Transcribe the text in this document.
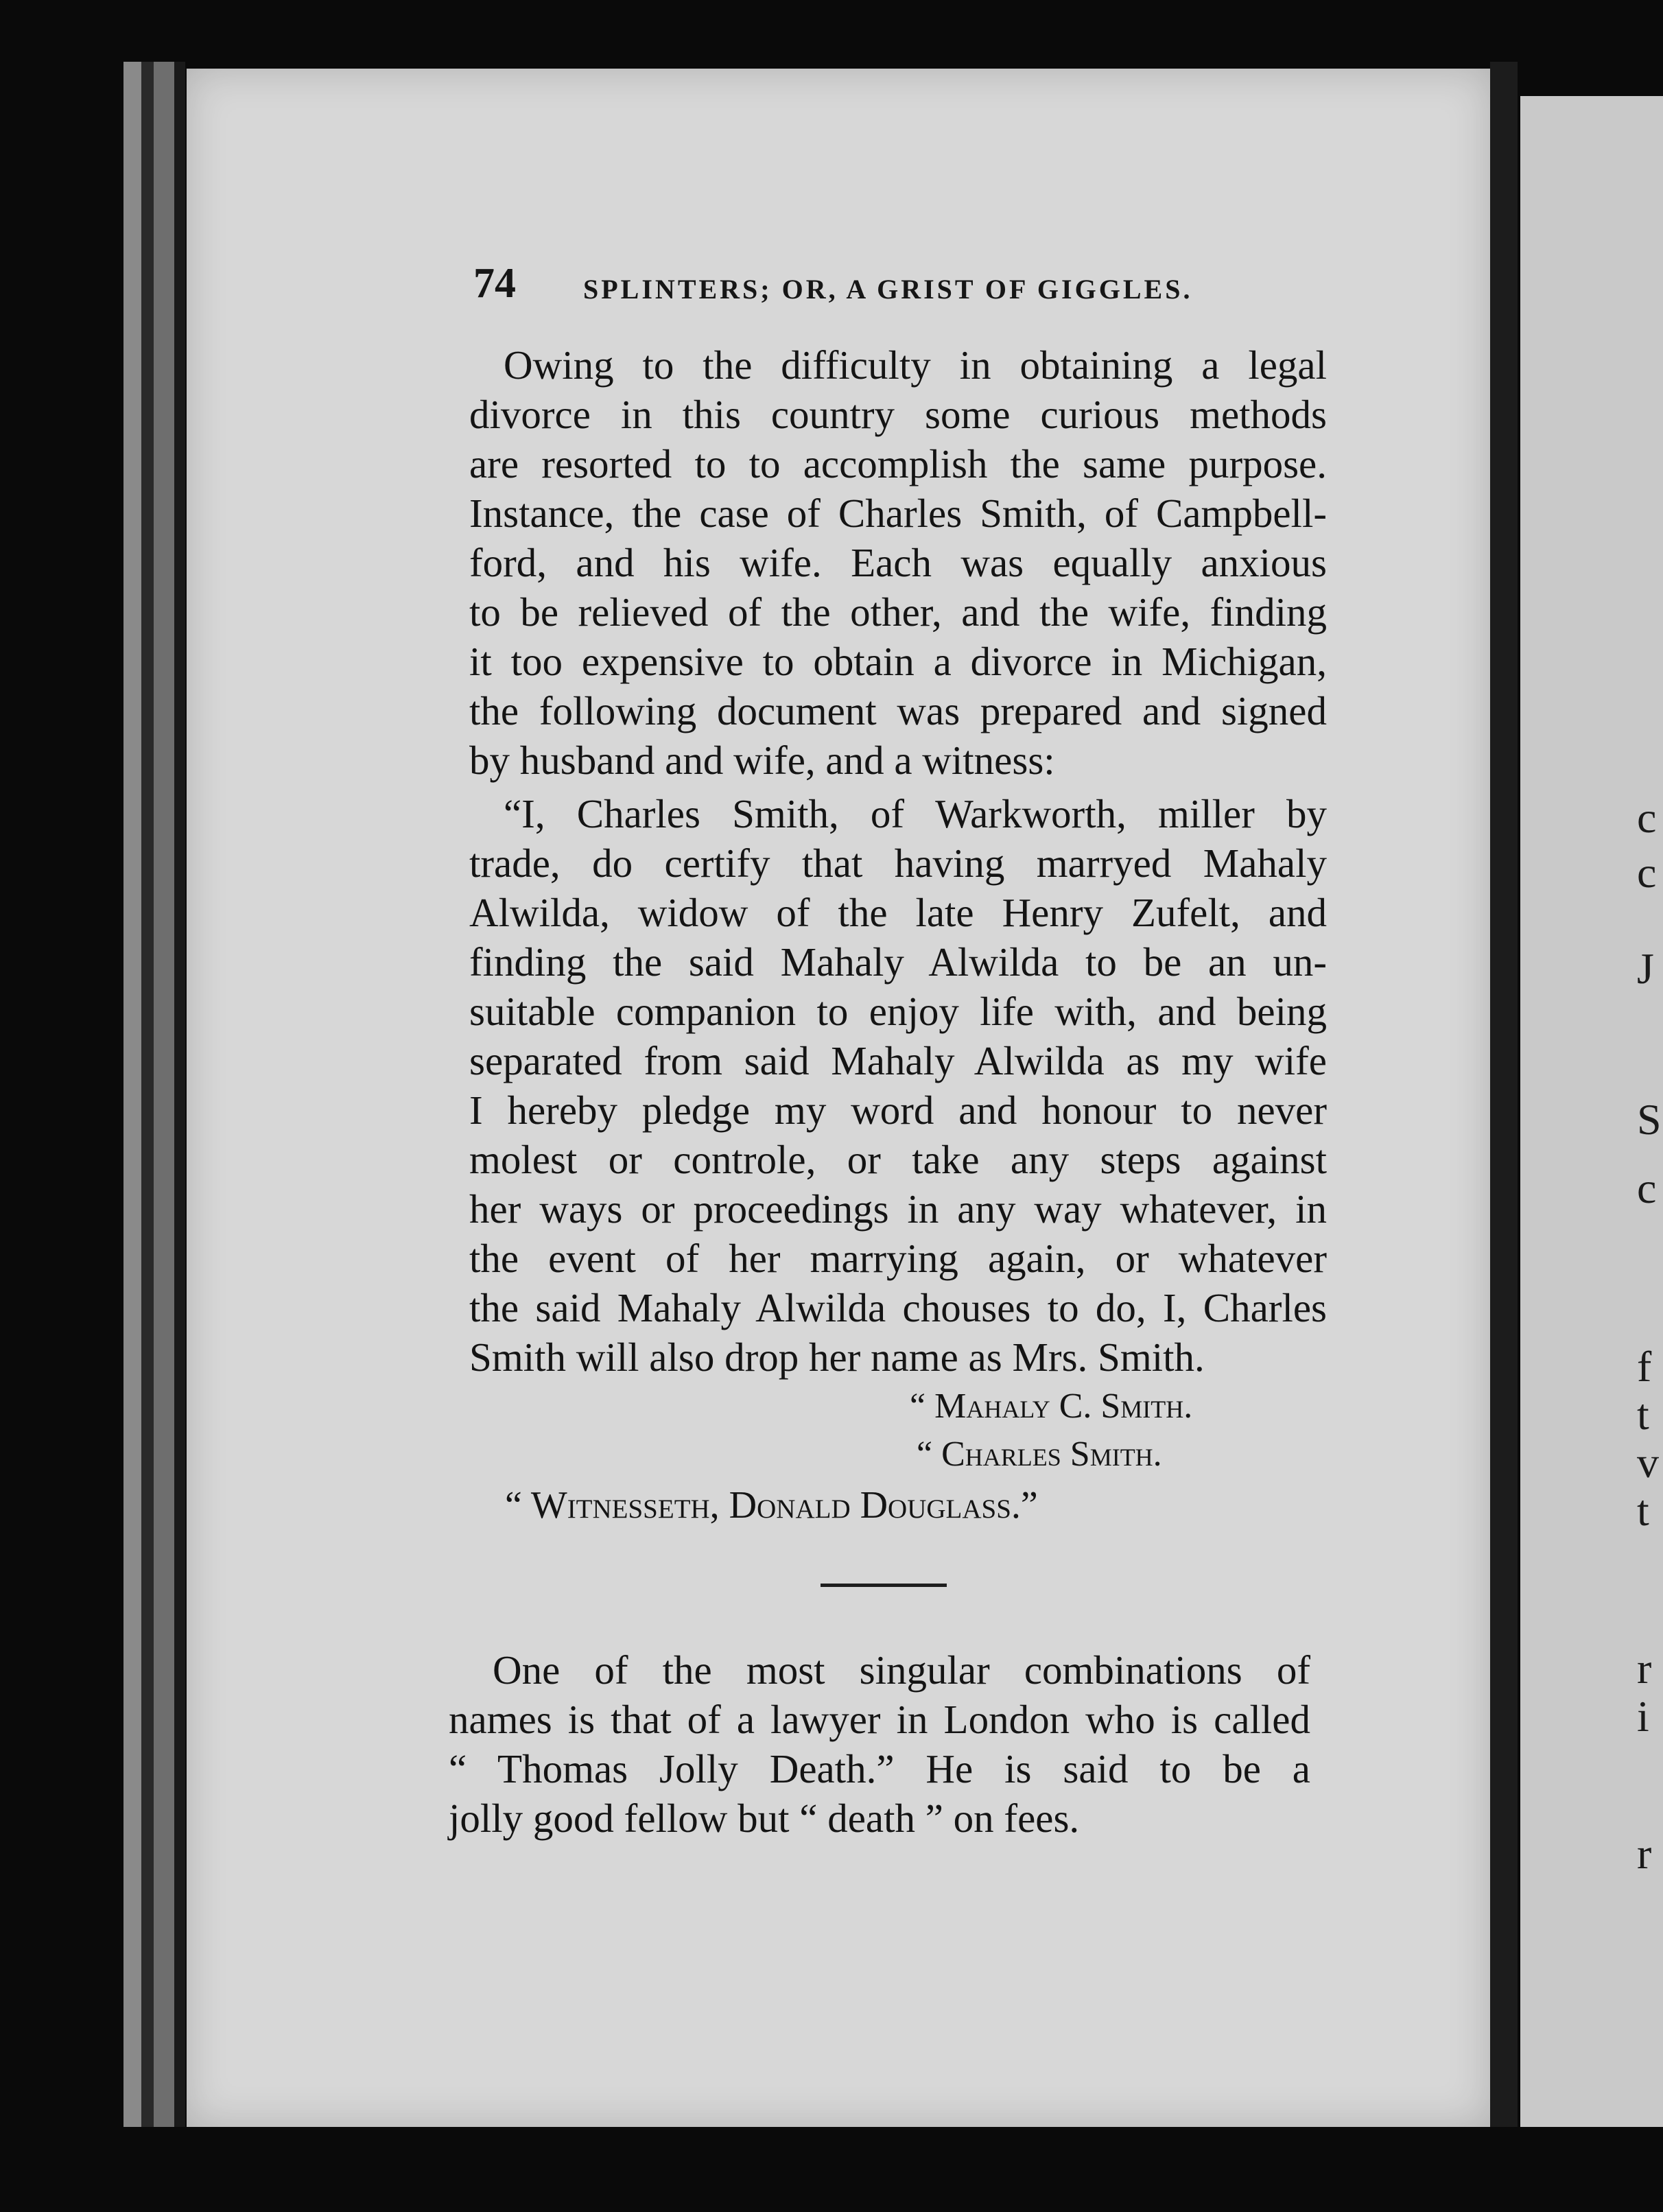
c
c
J
S
c
f
t
v
t
r
i
r
74 SPLINTERS; OR, A GRIST OF GIGGLES.
Owing to the difficulty in obtaining a legal
divorce in this country some curious methods
are resorted to to accomplish the same purpose.
Instance, the case of Charles Smith, of Campbell-
ford, and his wife. Each was equally anxious
to be relieved of the other, and the wife, finding
it too expensive to obtain a divorce in Michigan,
the following document was prepared and signed
by husband and wife, and a witness:
“I, Charles Smith, of Warkworth, miller by
trade, do certify that having marryed Mahaly
Alwilda, widow of the late Henry Zufelt, and
finding the said Mahaly Alwilda to be an un-
suitable companion to enjoy life with, and being
separated from said Mahaly Alwilda as my wife
I hereby pledge my word and honour to never
molest or controle, or take any steps against
her ways or proceedings in any way whatever, in
the event of her marrying again, or whatever
the said Mahaly Alwilda chouses to do, I, Charles
Smith will also drop her name as Mrs. Smith.
“ Mahaly C. Smith.
“ Charles Smith.
“ Witnesseth, Donald Douglass.”
One of the most singular combinations of
names is that of a lawyer in London who is called
“ Thomas Jolly Death.” He is said to be a
jolly good fellow but “ death ” on fees.
